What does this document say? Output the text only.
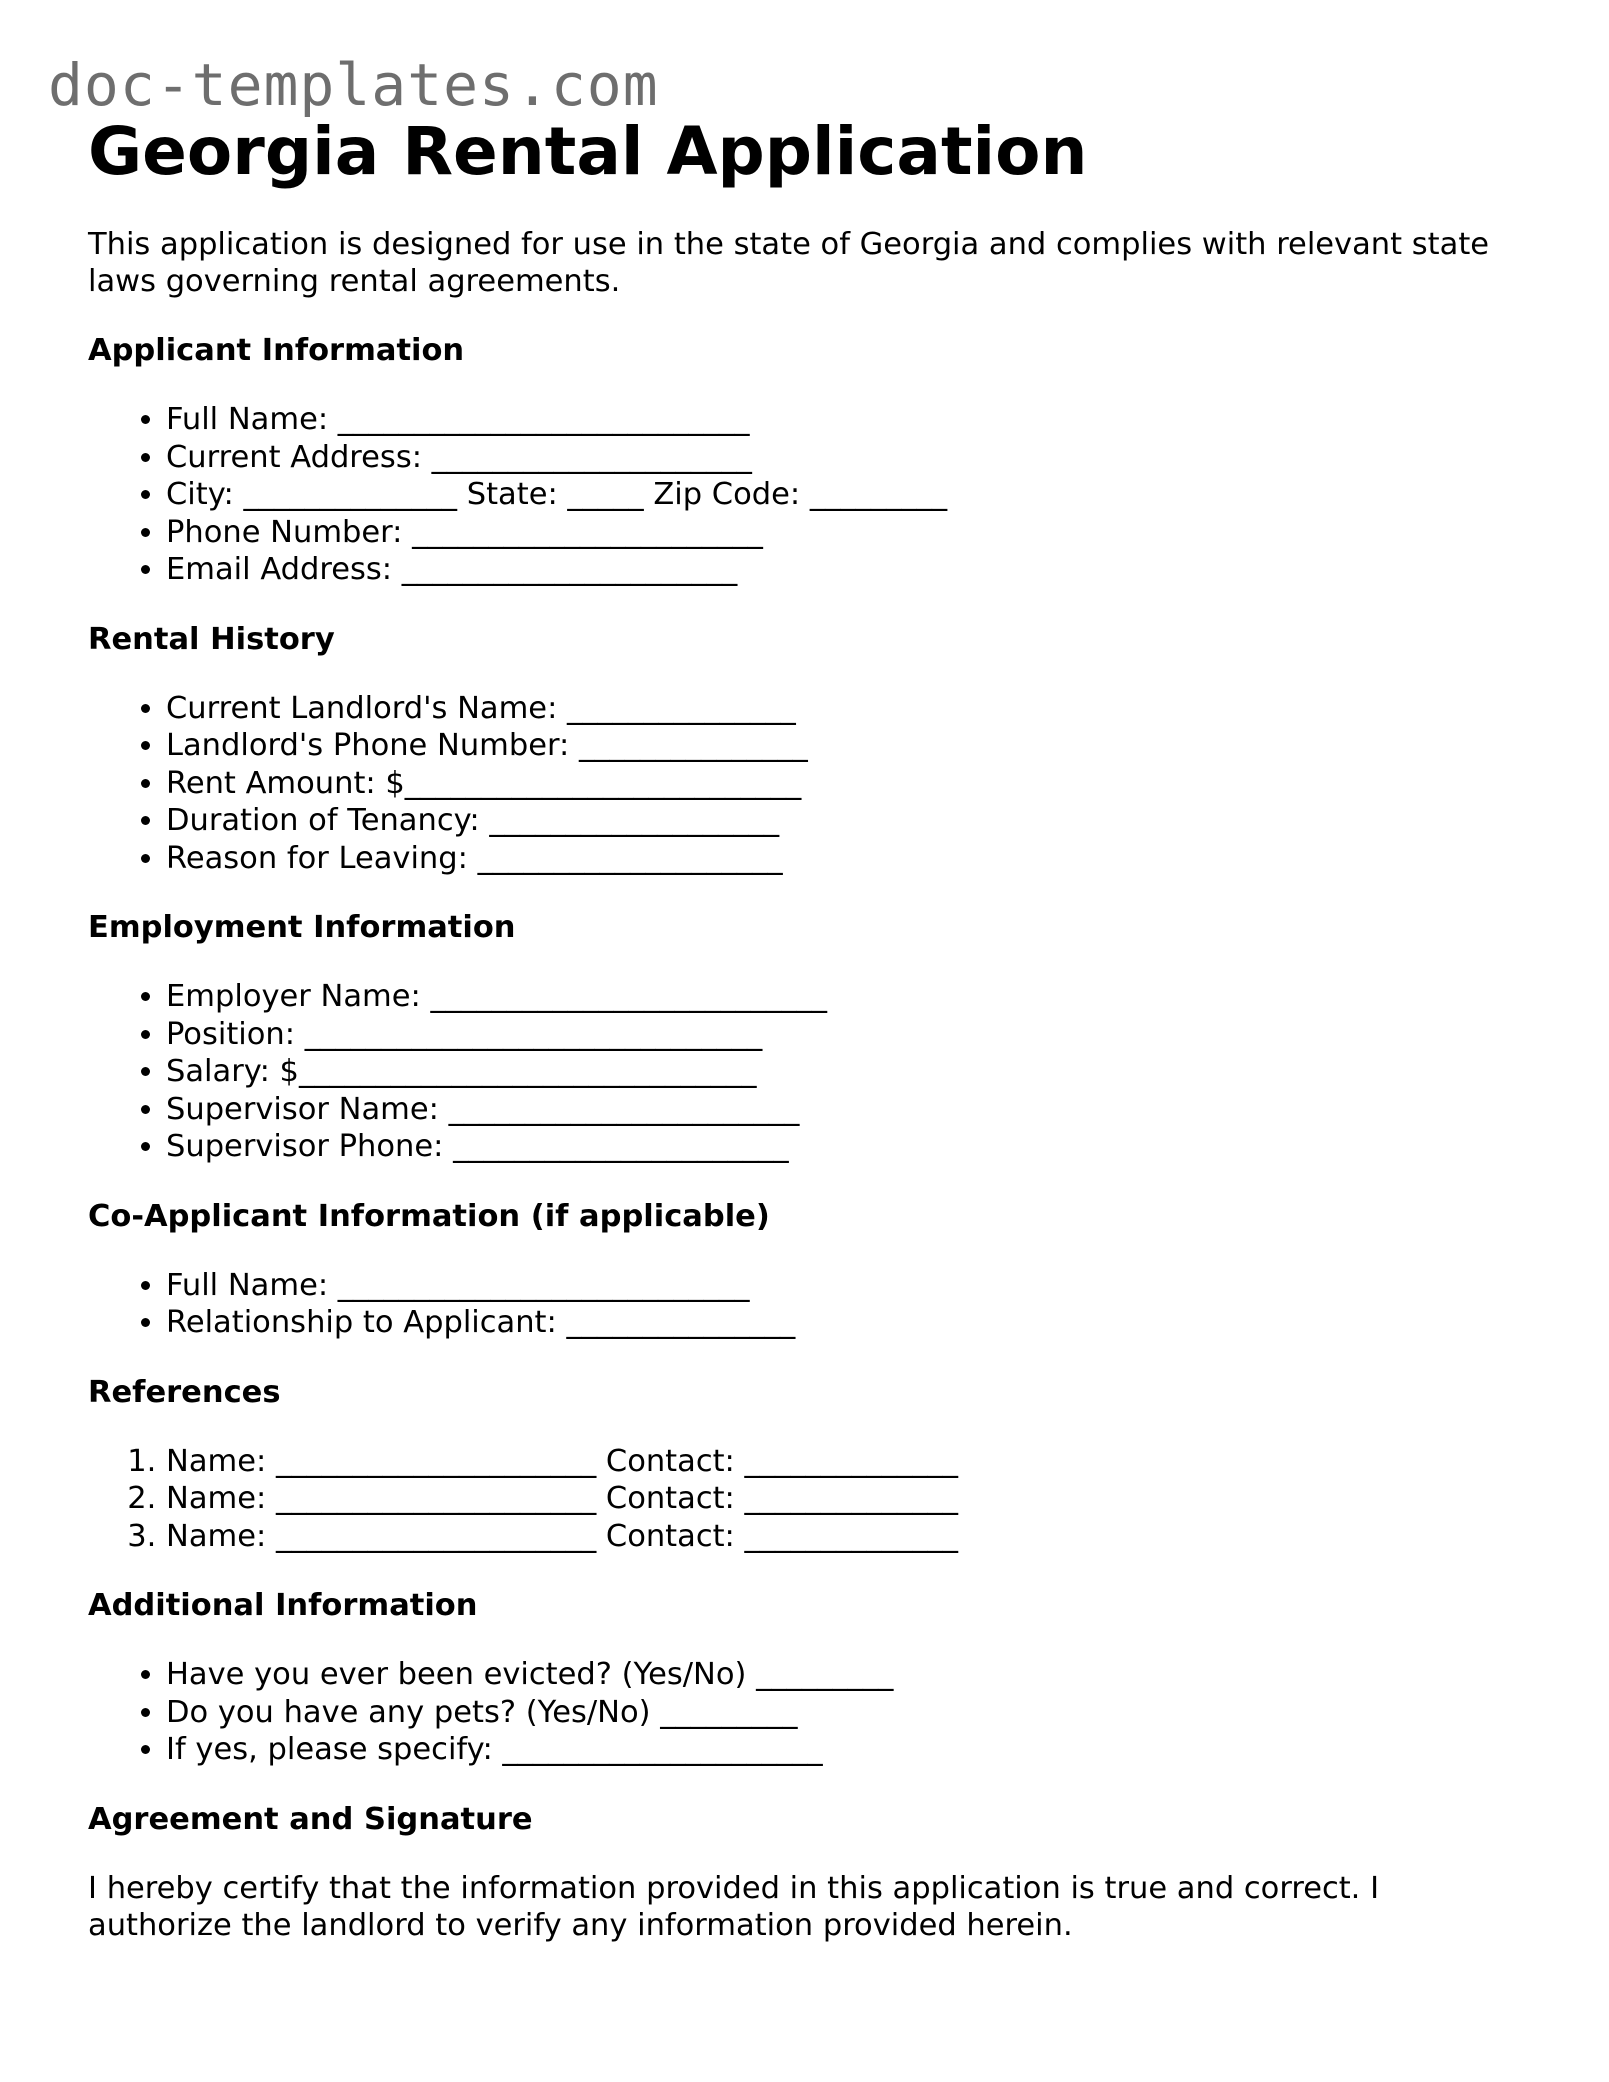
doc-templates.com
Georgia Rental Application

This application is designed for use in the state of Georgia and complies with relevant state laws governing rental agreements.

Applicant Information
• Full Name: ___________________________
• Current Address: _____________________
• City: ______________ State: _____ Zip Code: _________
• Phone Number: _______________________
• Email Address: ______________________
Rental History
• Current Landlord's Name: _______________
• Landlord's Phone Number: _______________
• Rent Amount: $__________________________
• Duration of Tenancy: ___________________
• Reason for Leaving: ____________________
Employment Information
• Employer Name: __________________________
• Position: ______________________________
• Salary: $______________________________
• Supervisor Name: _______________________
• Supervisor Phone: ______________________
Co-Applicant Information (if applicable)
• Full Name: ___________________________
• Relationship to Applicant: _______________
References
1. Name: _____________________ Contact: ______________
2. Name: _____________________ Contact: ______________
3. Name: _____________________ Contact: ______________
Additional Information
• Have you ever been evicted? (Yes/No) _________
• Do you have any pets? (Yes/No) _________
• If yes, please specify: _____________________
Agreement and Signature

I hereby certify that the information provided in this application is true and correct. I authorize the landlord to verify any information provided herein.
